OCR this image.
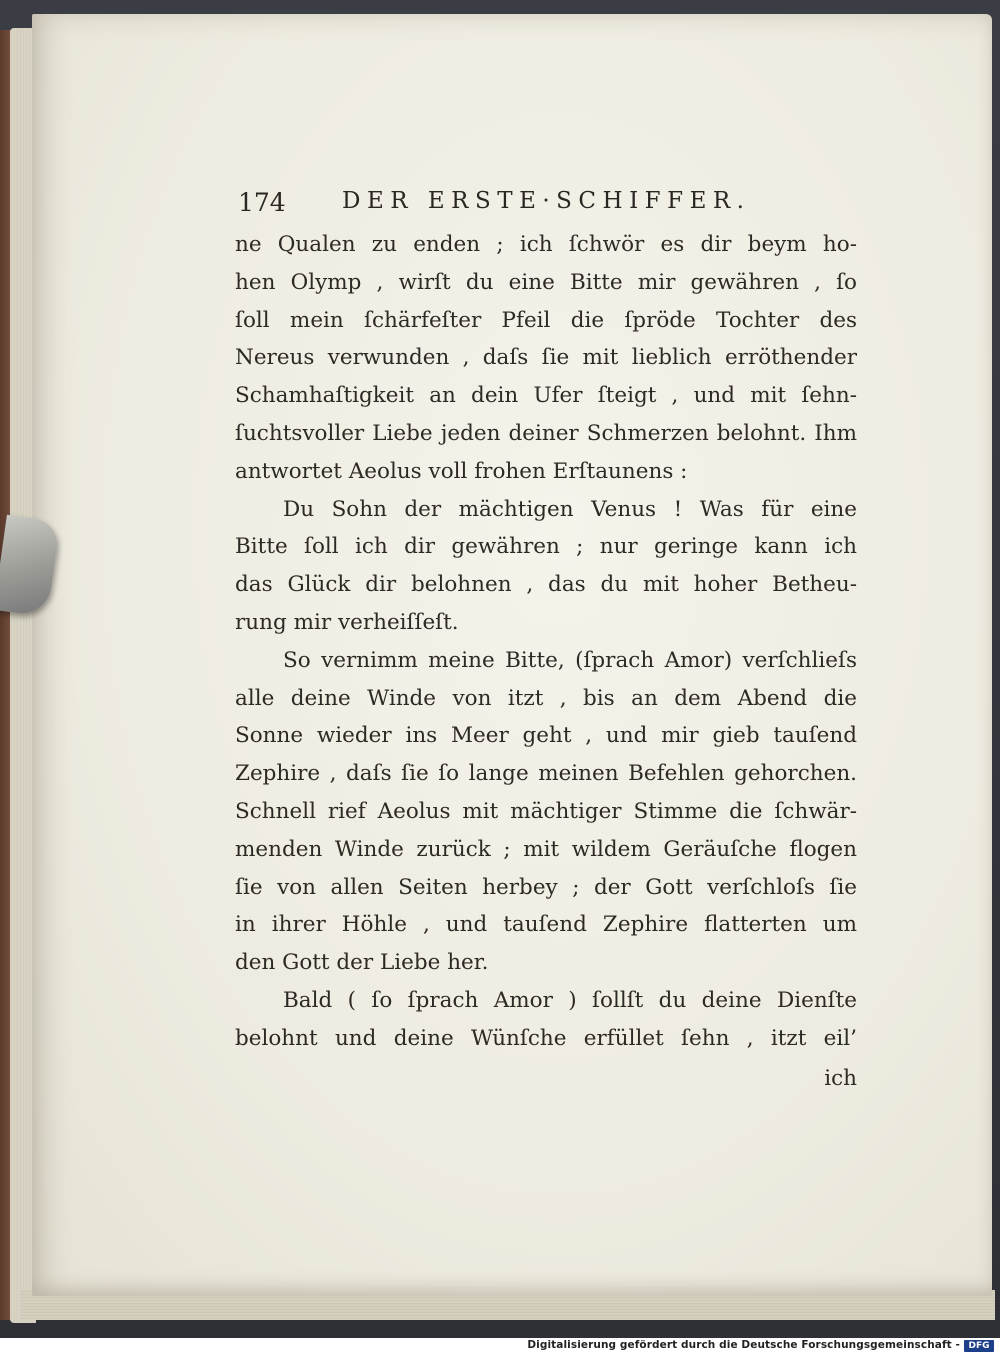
174 DER ERSTE·SCHIFFER.
ne Qualen zu enden ; ich ſchwör es dir beym ho-
hen Olymp , wirſt du eine Bitte mir gewähren , ſo
ſoll mein ſchärfeſter Pfeil die ſpröde Tochter des
Nereus verwunden , daſs ſie mit lieblich erröthender
Schamhaſtigkeit an dein Ufer ſteigt , und mit ſehn-
ſuchtsvoller Liebe jeden deiner Schmerzen belohnt. Ihm
antwortet Aeolus voll frohen Erſtaunens :
Du Sohn der mächtigen Venus ! Was für eine
Bitte ſoll ich dir gewähren ; nur geringe kann ich
das Glück dir belohnen , das du mit hoher Betheu-
rung mir verheiſſeſt.
So vernimm meine Bitte, (ſprach Amor) verſchlieſs
alle deine Winde von itzt , bis an dem Abend die
Sonne wieder ins Meer geht , und mir gieb tauſend
Zephire , daſs ſie ſo lange meinen Befehlen gehorchen.
Schnell rief Aeolus mit mächtiger Stimme die ſchwär-
menden Winde zurück ; mit wildem Geräuſche flogen
ſie von allen Seiten herbey ; der Gott verſchloſs ſie
in ihrer Höhle , und tauſend Zephire flatterten um
den Gott der Liebe her.
Bald ( ſo ſprach Amor ) ſollſt du deine Dienſte
belohnt und deine Wünſche erfüllet ſehn , itzt eil’
ich
Digitalisierung gefördert durch die Deutsche Forschungsgemeinschaft - DFG
